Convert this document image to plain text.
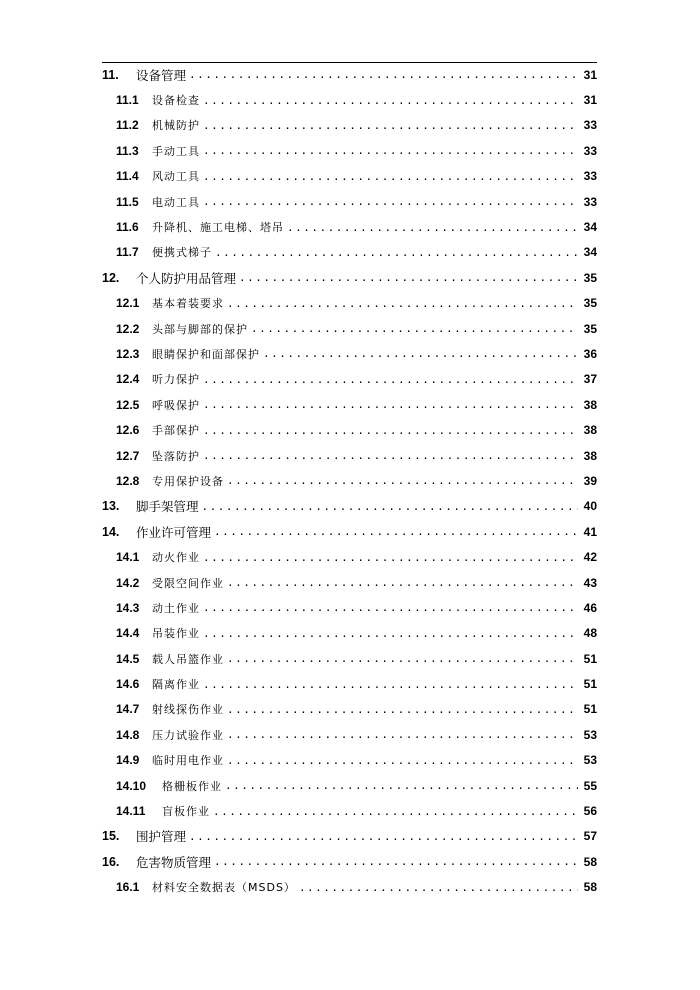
11.	设备管理 .....	31
11.1	设备检查 .....	31
11.2	机械防护 .....	33
11.3	手动工具 .....	33
11.4	风动工具 .....	33
11.5	电动工具 .....	33
11.6	升降机、施工电梯、塔吊 .....	34
11.7	便携式梯子 .....	34
12.	个人防护用品管理 .....	35
12.1	基本着装要求 .....	35
12.2	头部与脚部的保护 .....	35
12.3	眼睛保护和面部保护 .....	36
12.4	听力保护 .....	37
12.5	呼吸保护 .....	38
12.6	手部保护 .....	38
12.7	坠落防护 .....	38
12.8	专用保护设备 .....	39
13.	脚手架管理 .....	40
14.	作业许可管理 .....	41
14.1	动火作业 .....	42
14.2	受限空间作业 .....	43
14.3	动土作业 .....	46
14.4	吊装作业 .....	48
14.5	载人吊篮作业 .....	51
14.6	隔离作业 .....	51
14.7	射线探伤作业 .....	51
14.8	压力试验作业 .....	53
14.9	临时用电作业 .....	53
14.10	格栅板作业 .....	55
14.11	盲板作业 .....	56
15.	围护管理 .....	57
16.	危害物质管理 .....	58
16.1	材料安全数据表（MSDS） .....	58
